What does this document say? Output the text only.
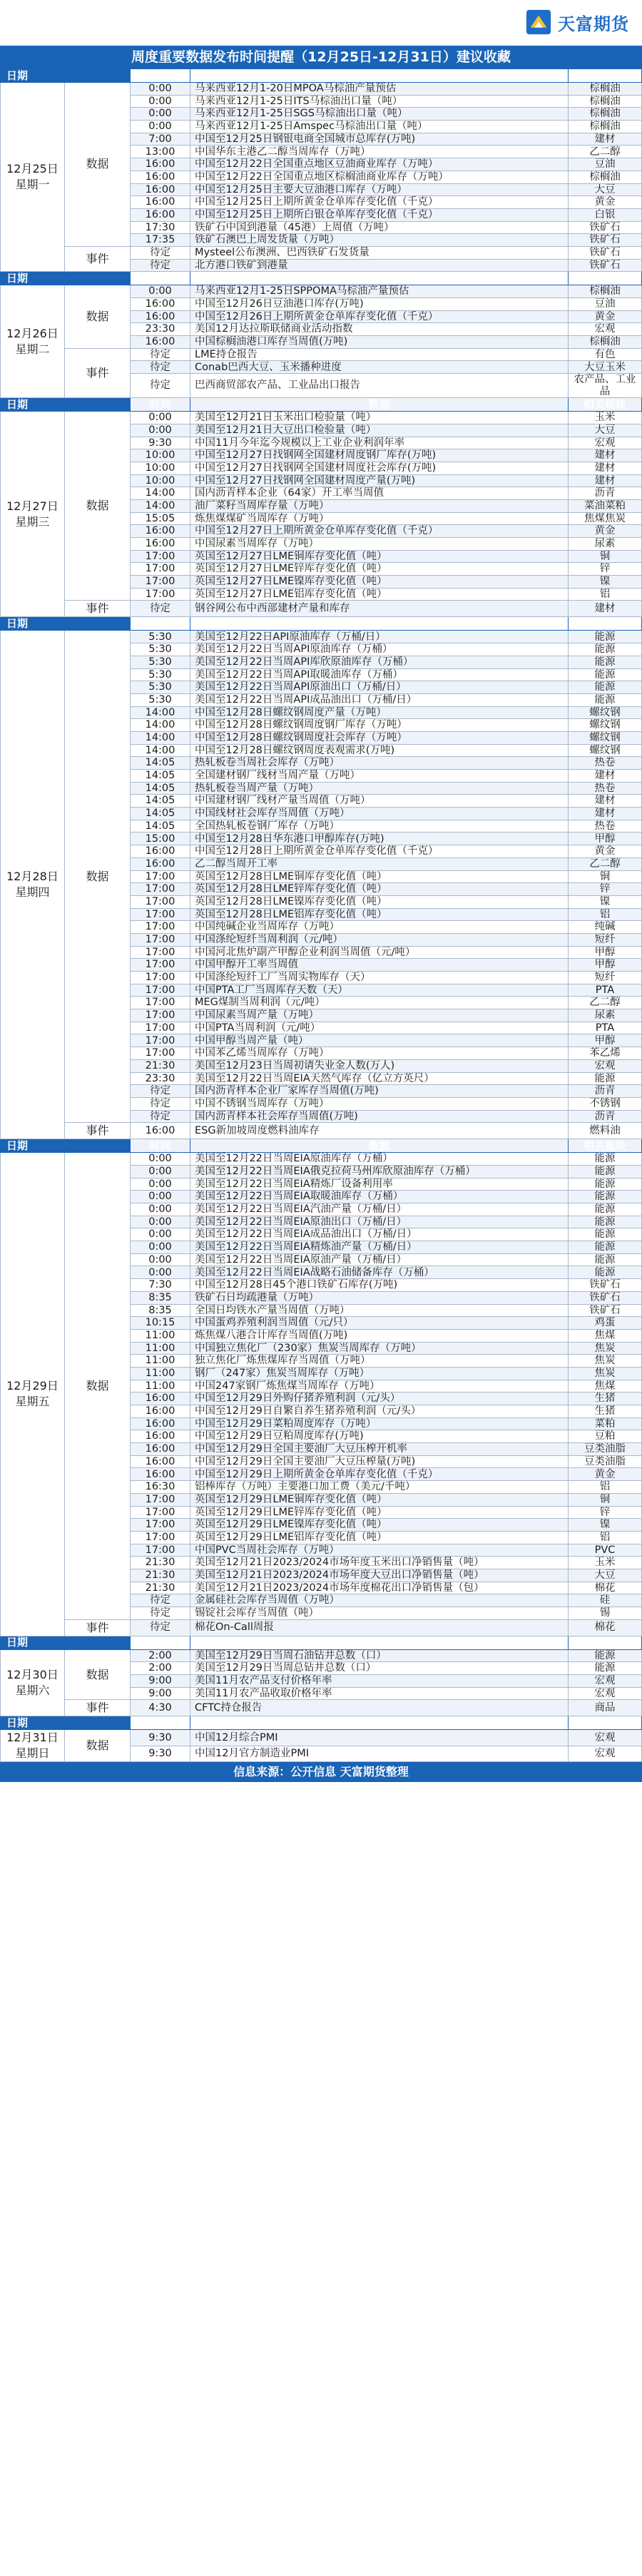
天富期货
周度重要数据发布时间提醒（12月25日-12月31日）建议收藏
日期		时间	数据	相关板块

12月25日
星期一	数据	0:00	马来西亚12月1-20日MPOA马棕油产量预估	棕榈油
		0:00	马来西亚12月1-25日ITS马棕油出口量（吨）	棕榈油
		0:00	马来西亚12月1-25日SGS马棕油出口量（吨）	棕榈油
		0:00	马来西亚12月1-25日Amspec马棕油出口量（吨）	棕榈油
		7:00	中国至12月25日钢银电商全国城市总库存(万吨)	建材
		13:00	中国华东主港乙二醇当周库存（万吨）	乙二醇
		16:00	中国至12月22日全国重点地区豆油商业库存（万吨）	豆油
		16:00	中国至12月22日全国重点地区棕榈油商业库存（万吨）	棕榈油
		16:00	中国至12月25日主要大豆油港口库存（万吨）	大豆
		16:00	中国至12月25日上期所黄金仓单库存变化值（千克）	黄金
		16:00	中国至12月25日上期所白银仓单库存变化值（千克）	白银
		17:30	铁矿石中国到港量（45港）上周值（万吨）	铁矿石
		17:35	铁矿石澳巴上周发货量（万吨）	铁矿石
	事件	待定	Mysteel公布澳洲、巴西铁矿石发货量	铁矿石
		待定	北方港口铁矿到港量	铁矿石
日期		时间	数据	相关板块

12月26日
星期二	数据	0:00	马来西亚12月1-25日SPPOMA马棕油产量预估	棕榈油
		16:00	中国至12月26日豆油港口库存(万吨)	豆油
		16:00	中国至12月26日上期所黄金仓单库存变化值（千克）	黄金
		23:30	美国12月达拉斯联储商业活动指数	宏观
		16:00	中国棕榈油港口库存当周值(万吨)	棕榈油
	事件	待定	LME持仓报告	有色
		待定	Conab巴西大豆、玉米播种进度	大豆玉米
		待定	巴西商贸部农产品、工业品出口报告	农产品、工业品
日期		时间	数据	相关板块

12月27日
星期三	数据	0:00	美国至12月21日玉米出口检验量（吨）	玉米
		0:00	美国至12月21日大豆出口检验量（吨）	大豆
		9:30	中国11月今年迄今规模以上工业企业利润年率	宏观
		10:00	中国至12月27日找钢网全国建材周度钢厂库存(万吨)	建材
		10:00	中国至12月27日找钢网全国建材周度社会库存(万吨)	建材
		10:00	中国至12月27日找钢网全国建材周度产量(万吨)	建材
		14:00	国内沥青样本企业（64家）开工率当周值	沥青
		14:00	油厂菜籽当周库存量（万吨）	菜油菜粕
		15:05	炼焦煤煤矿当周库存（万吨）	焦煤焦炭
		16:00	中国至12月27日上期所黄金仓单库存变化值（千克）	黄金
		16:00	中国尿素当周库存（万吨）	尿素
		17:00	英国至12月27日LME铜库存变化值（吨）	铜
		17:00	英国至12月27日LME锌库存变化值（吨）	锌
		17:00	英国至12月27日LME镍库存变化值（吨）	镍
		17:00	英国至12月27日LME铝库存变化值（吨）	铝
	事件	待定	钢谷网公布中西部建材产量和库存	建材
日期		时间	数据	相关板块

12月28日
星期四	数据	5:30	美国至12月22日API原油库存（万桶/日）	能源
		5:30	美国至12月22日当周API原油库存（万桶）	能源
		5:30	美国至12月22日当周API库欣原油库存（万桶）	能源
		5:30	美国至12月22日当周API取暖油库存（万桶）	能源
		5:30	美国至12月22日当周API原油出口（万桶/日）	能源
		5:30	美国至12月22日当周API成品油出口（万桶/日）	能源
		14:00	中国至12月28日螺纹钢周度产量（万吨）	螺纹钢
		14:00	中国至12月28日螺纹钢周度钢厂库存（万吨）	螺纹钢
		14:00	中国至12月28日螺纹钢周度社会库存（万吨）	螺纹钢
		14:00	中国至12月28日螺纹钢周度表观需求(万吨)	螺纹钢
		14:05	热轧板卷当周社会库存（万吨）	热卷
		14:05	全国建材钢厂线材当周产量（万吨）	建材
		14:05	热轧板卷当周产量（万吨）	热卷
		14:05	中国建材钢厂线材产量当周值（万吨）	建材
		14:05	中国线材社会库存当周值（万吨）	建材
		14:05	全国热轧板卷钢厂库存（万吨）	热卷
		15:00	中国至12月28日华东港口甲醇库存(万吨)	甲醇
		16:00	中国至12月28日上期所黄金仓单库存变化值（千克）	黄金
		16:00	乙二醇当周开工率	乙二醇
		17:00	英国至12月28日LME铜库存变化值（吨）	铜
		17:00	英国至12月28日LME锌库存变化值（吨）	锌
		17:00	英国至12月28日LME镍库存变化值（吨）	镍
		17:00	英国至12月28日LME铝库存变化值（吨）	铝
		17:00	中国纯碱企业当周库存（万吨）	纯碱
		17:00	中国涤纶短纤当周利润（元/吨）	短纤
		17:00	中国河北焦炉副产甲醇企业利润当周值（元/吨）	甲醇
		17:00	中国甲醇开工率当周值	甲醇
		17:00	中国涤纶短纤工厂当周实物库存（天）	短纤
		17:00	中国PTA工厂当周库存天数（天）	PTA
		17:00	MEG煤制当周利润（元/吨）	乙二醇
		17:00	中国尿素当周产量（万吨）	尿素
		17:00	中国PTA当周利润（元/吨）	PTA
		17:00	中国甲醇当周产量（吨）	甲醇
		17:00	中国苯乙烯当周库存（万吨）	苯乙烯
		21:30	美国至12月23日当周初请失业金人数(万人)	宏观
		23:30	美国至12月22日当周EIA天然气库存（亿立方英尺）	能源
		待定	国内沥青样本企业厂家库存当周值(万吨)	沥青
		待定	中国不锈钢当周库存（万吨）	不锈钢
		待定	国内沥青样本社会库存当周值(万吨)	沥青
	事件	16:00	ESG新加坡周度燃料油库存	燃料油
日期		时间	数据	相关板块

12月29日
星期五	数据	0:00	美国至12月22日当周EIA原油库存（万桶）	能源
		0:00	美国至12月22日当周EIA俄克拉荷马州库欣原油库存（万桶）	能源
		0:00	美国至12月22日当周EIA精炼厂设备利用率	能源
		0:00	美国至12月22日当周EIA取暖油库存（万桶）	能源
		0:00	美国至12月22日当周EIA汽油产量（万桶/日）	能源
		0:00	美国至12月22日当周EIA原油出口（万桶/日）	能源
		0:00	美国至12月22日当周EIA成品油出口（万桶/日）	能源
		0:00	美国至12月22日当周EIA精炼油产量（万桶/日）	能源
		0:00	美国至12月22日当周EIA原油产量（万桶/日）	能源
		0:00	美国至12月22日当周EIA战略石油储备库存（万桶）	能源
		7:30	中国至12月28日45个港口铁矿石库存(万吨)	铁矿石
		8:35	铁矿石日均疏港量（万吨）	铁矿石
		8:35	全国日均铁水产量当周值（万吨）	铁矿石
		10:15	中国蛋鸡养殖利润当周值（元/只）	鸡蛋
		11:00	炼焦煤八港合计库存当周值(万吨)	焦煤
		11:00	中国独立焦化厂（230家）焦炭当周库存（万吨）	焦炭
		11:00	独立焦化厂炼焦煤库存当周值（万吨）	焦炭
		11:00	钢厂（247家）焦炭当周库存（万吨）	焦炭
		11:00	中国247家钢厂炼焦煤当周库存（万吨）	焦煤
		16:00	中国至12月29日外购仔猪养殖利润（元/头）	生猪
		16:00	中国至12月29日自繁自养生猪养殖利润（元/头）	生猪
		16:00	中国至12月29日菜粕周度库存（万吨）	菜粕
		16:00	中国至12月29日豆粕周度库存(万吨)	豆粕
		16:00	中国至12月29日全国主要油厂大豆压榨开机率	豆类油脂
		16:00	中国至12月29日全国主要油厂大豆压榨量(万吨)	豆类油脂
		16:00	中国至12月29日上期所黄金仓单库存变化值（千克）	黄金
		16:30	铝棒库存（万吨）主要港口加工费（美元/千吨）	铝
		17:00	英国至12月29日LME铜库存变化值（吨）	铜
		17:00	英国至12月29日LME锌库存变化值（吨）	锌
		17:00	英国至12月29日LME镍库存变化值（吨）	镍
		17:00	英国至12月29日LME铝库存变化值（吨）	铝
		17:00	中国PVC当周社会库存（万吨）	PVC
		21:30	美国至12月21日2023/2024市场年度玉米出口净销售量（吨）	玉米
		21:30	美国至12月21日2023/2024市场年度大豆出口净销售量（吨）	大豆
		21:30	美国至12月21日2023/2024市场年度棉花出口净销售量（包）	棉花
		待定	金属硅社会库存当周值（万吨）	硅
		待定	锡锭社会库存当周值（吨）	锡
	事件	待定	棉花On-Call周报	棉花
日期		时间	数据	相关板块

12月30日
星期六	数据	2:00	美国至12月29日当周石油钻井总数（口）	能源
		2:00	美国至12月29日当周总钻井总数（口）	能源
		9:00	美国11月农产品支付价格年率	宏观
		9:00	美国11月农产品收取价格年率	宏观
	事件	4:30	CFTC持仓报告	商品
日期		时间	数据	相关板块

12月31日
星期日	数据	9:30	中国12月综合PMI	宏观
		9:30	中国12月官方制造业PMI	宏观
信息来源：公开信息 天富期货整理
